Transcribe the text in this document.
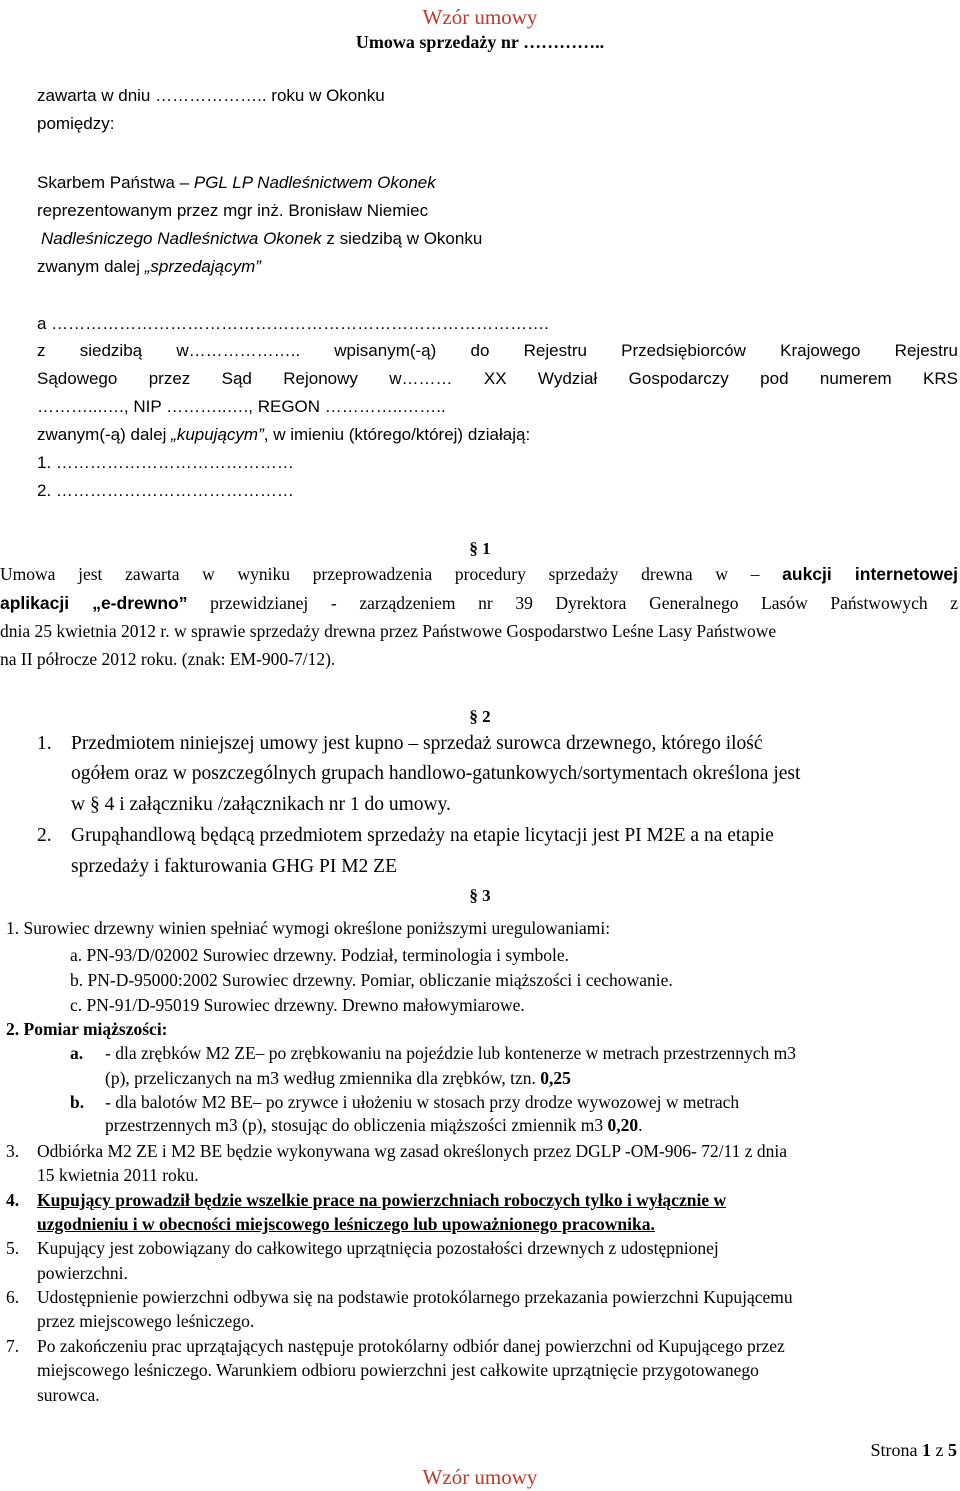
Wzór umowy
Umowa sprzedaży nr …………..
zawarta w dniu ……………….. roku w Okonku
pomiędzy:
Skarbem Państwa – PGL LP Nadleśnictwem Okonek
reprezentowanym przez mgr inż. Bronisław Niemiec
Nadleśniczego Nadleśnictwa Okonek z siedzibą w Okonku
zwanym dalej „sprzedającym”
a …………………………………………………………………………….
z siedzibą w……………….. wpisanym(-ą) do Rejestru Przedsiębiorców Krajowego Rejestru
Sądowego przez Sąd Rejonowy w……… XX Wydział Gospodarczy pod numerem KRS
………...…., NIP ………..…., REGON …………..……..
zwanym(-ą) dalej „kupującym”, w imieniu (którego/której) działają:
1. ……………………………………
2. ……………………………………
§ 1
Umowa jest zawarta w wyniku przeprowadzenia procedury sprzedaży drewna w – aukcji internetowej
aplikacji „e-drewno” przewidzianej - zarządzeniem nr 39 Dyrektora Generalnego Lasów Państwowych z
dnia 25 kwietnia 2012 r. w sprawie sprzedaży drewna przez Państwowe Gospodarstwo Leśne Lasy Państwowe
na II półrocze 2012 roku. (znak: EM-900-7/12).
§ 2
1. Przedmiotem niniejszej umowy jest kupno – sprzedaż surowca drzewnego, którego ilość
ogółem oraz w poszczególnych grupach handlowo-gatunkowych/sortymentach określona jest
w § 4 i załączniku /załącznikach nr 1 do umowy.
2. Grupąhandlową będącą przedmiotem sprzedaży na etapie licytacji jest PI M2E a na etapie
sprzedaży i fakturowania GHG PI M2 ZE
§ 3
1. Surowiec drzewny winien spełniać wymogi określone poniższymi uregulowaniami:
a. PN-93/D/02002 Surowiec drzewny. Podział, terminologia i symbole.
b. PN-D-95000:2002 Surowiec drzewny. Pomiar, obliczanie miąższości i cechowanie.
c. PN-91/D-95019 Surowiec drzewny. Drewno małowymiarowe.
2. Pomiar miąższości:
a. - dla zrębków M2 ZE– po zrębkowaniu na pojeździe lub kontenerze w metrach przestrzennych m3
(p), przeliczanych na m3 według zmiennika dla zrębków, tzn. 0,25
b. - dla balotów M2 BE– po zrywce i ułożeniu w stosach przy drodze wywozowej w metrach
przestrzennych m3 (p), stosując do obliczenia miąższości zmiennik m3 0,20.
3. Odbiórka M2 ZE i M2 BE będzie wykonywana wg zasad określonych przez DGLP -OM-906- 72/11 z dnia
15 kwietnia 2011 roku.
4. Kupujący prowadził będzie wszelkie prace na powierzchniach roboczych tylko i wyłącznie w
uzgodnieniu i w obecności miejscowego leśniczego lub upoważnionego pracownika.
5. Kupujący jest zobowiązany do całkowitego uprzątnięcia pozostałości drzewnych z udostępnionej
powierzchni.
6. Udostępnienie powierzchni odbywa się na podstawie protokólarnego przekazania powierzchni Kupującemu
przez miejscowego leśniczego.
7. Po zakończeniu prac uprzątających następuje protokólarny odbiór danej powierzchni od Kupującego przez
miejscowego leśniczego. Warunkiem odbioru powierzchni jest całkowite uprzątnięcie przygotowanego
surowca.
Strona 1 z 5
Wzór umowy
